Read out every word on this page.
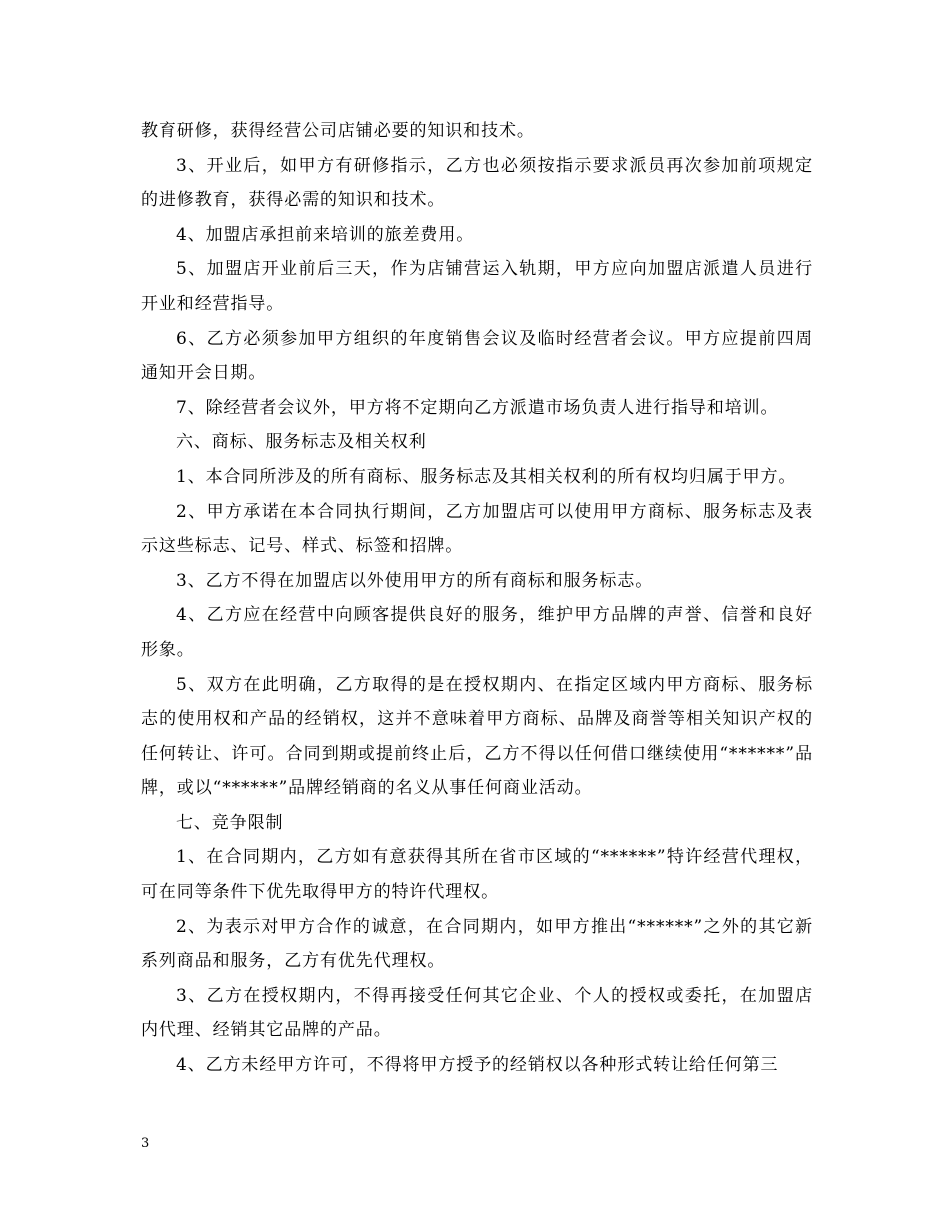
教育研修，获得经营公司店铺必要的知识和技术。

3、开业后，如甲方有研修指示，乙方也必须按指示要求派员再次参加前项规定的进修教育，获得必需的知识和技术。

4、加盟店承担前来培训的旅差费用。

5、加盟店开业前后三天，作为店铺营运入轨期，甲方应向加盟店派遣人员进行开业和经营指导。

6、乙方必须参加甲方组织的年度销售会议及临时经营者会议。甲方应提前四周通知开会日期。

7、除经营者会议外，甲方将不定期向乙方派遣市场负责人进行指导和培训。

六、商标、服务标志及相关权利

1、本合同所涉及的所有商标、服务标志及其相关权利的所有权均归属于甲方。

2、甲方承诺在本合同执行期间，乙方加盟店可以使用甲方商标、服务标志及表示这些标志、记号、样式、标签和招牌。

3、乙方不得在加盟店以外使用甲方的所有商标和服务标志。

4、乙方应在经营中向顾客提供良好的服务，维护甲方品牌的声誉、信誉和良好形象。

5、双方在此明确，乙方取得的是在授权期内、在指定区域内甲方商标、服务标志的使用权和产品的经销权，这并不意味着甲方商标、品牌及商誉等相关知识产权的任何转让、许可。合同到期或提前终止后，乙方不得以任何借口继续使用“******”品牌，或以“******”品牌经销商的名义从事任何商业活动。

七、竞争限制

1、在合同期内，乙方如有意获得其所在省市区域的“******”特许经营代理权，可在同等条件下优先取得甲方的特许代理权。

2、为表示对甲方合作的诚意，在合同期内，如甲方推出“******”之外的其它新系列商品和服务，乙方有优先代理权。

3、乙方在授权期内，不得再接受任何其它企业、个人的授权或委托，在加盟店内代理、经销其它品牌的产品。

4、乙方未经甲方许可，不得将甲方授予的经销权以各种形式转让给任何第三

3
